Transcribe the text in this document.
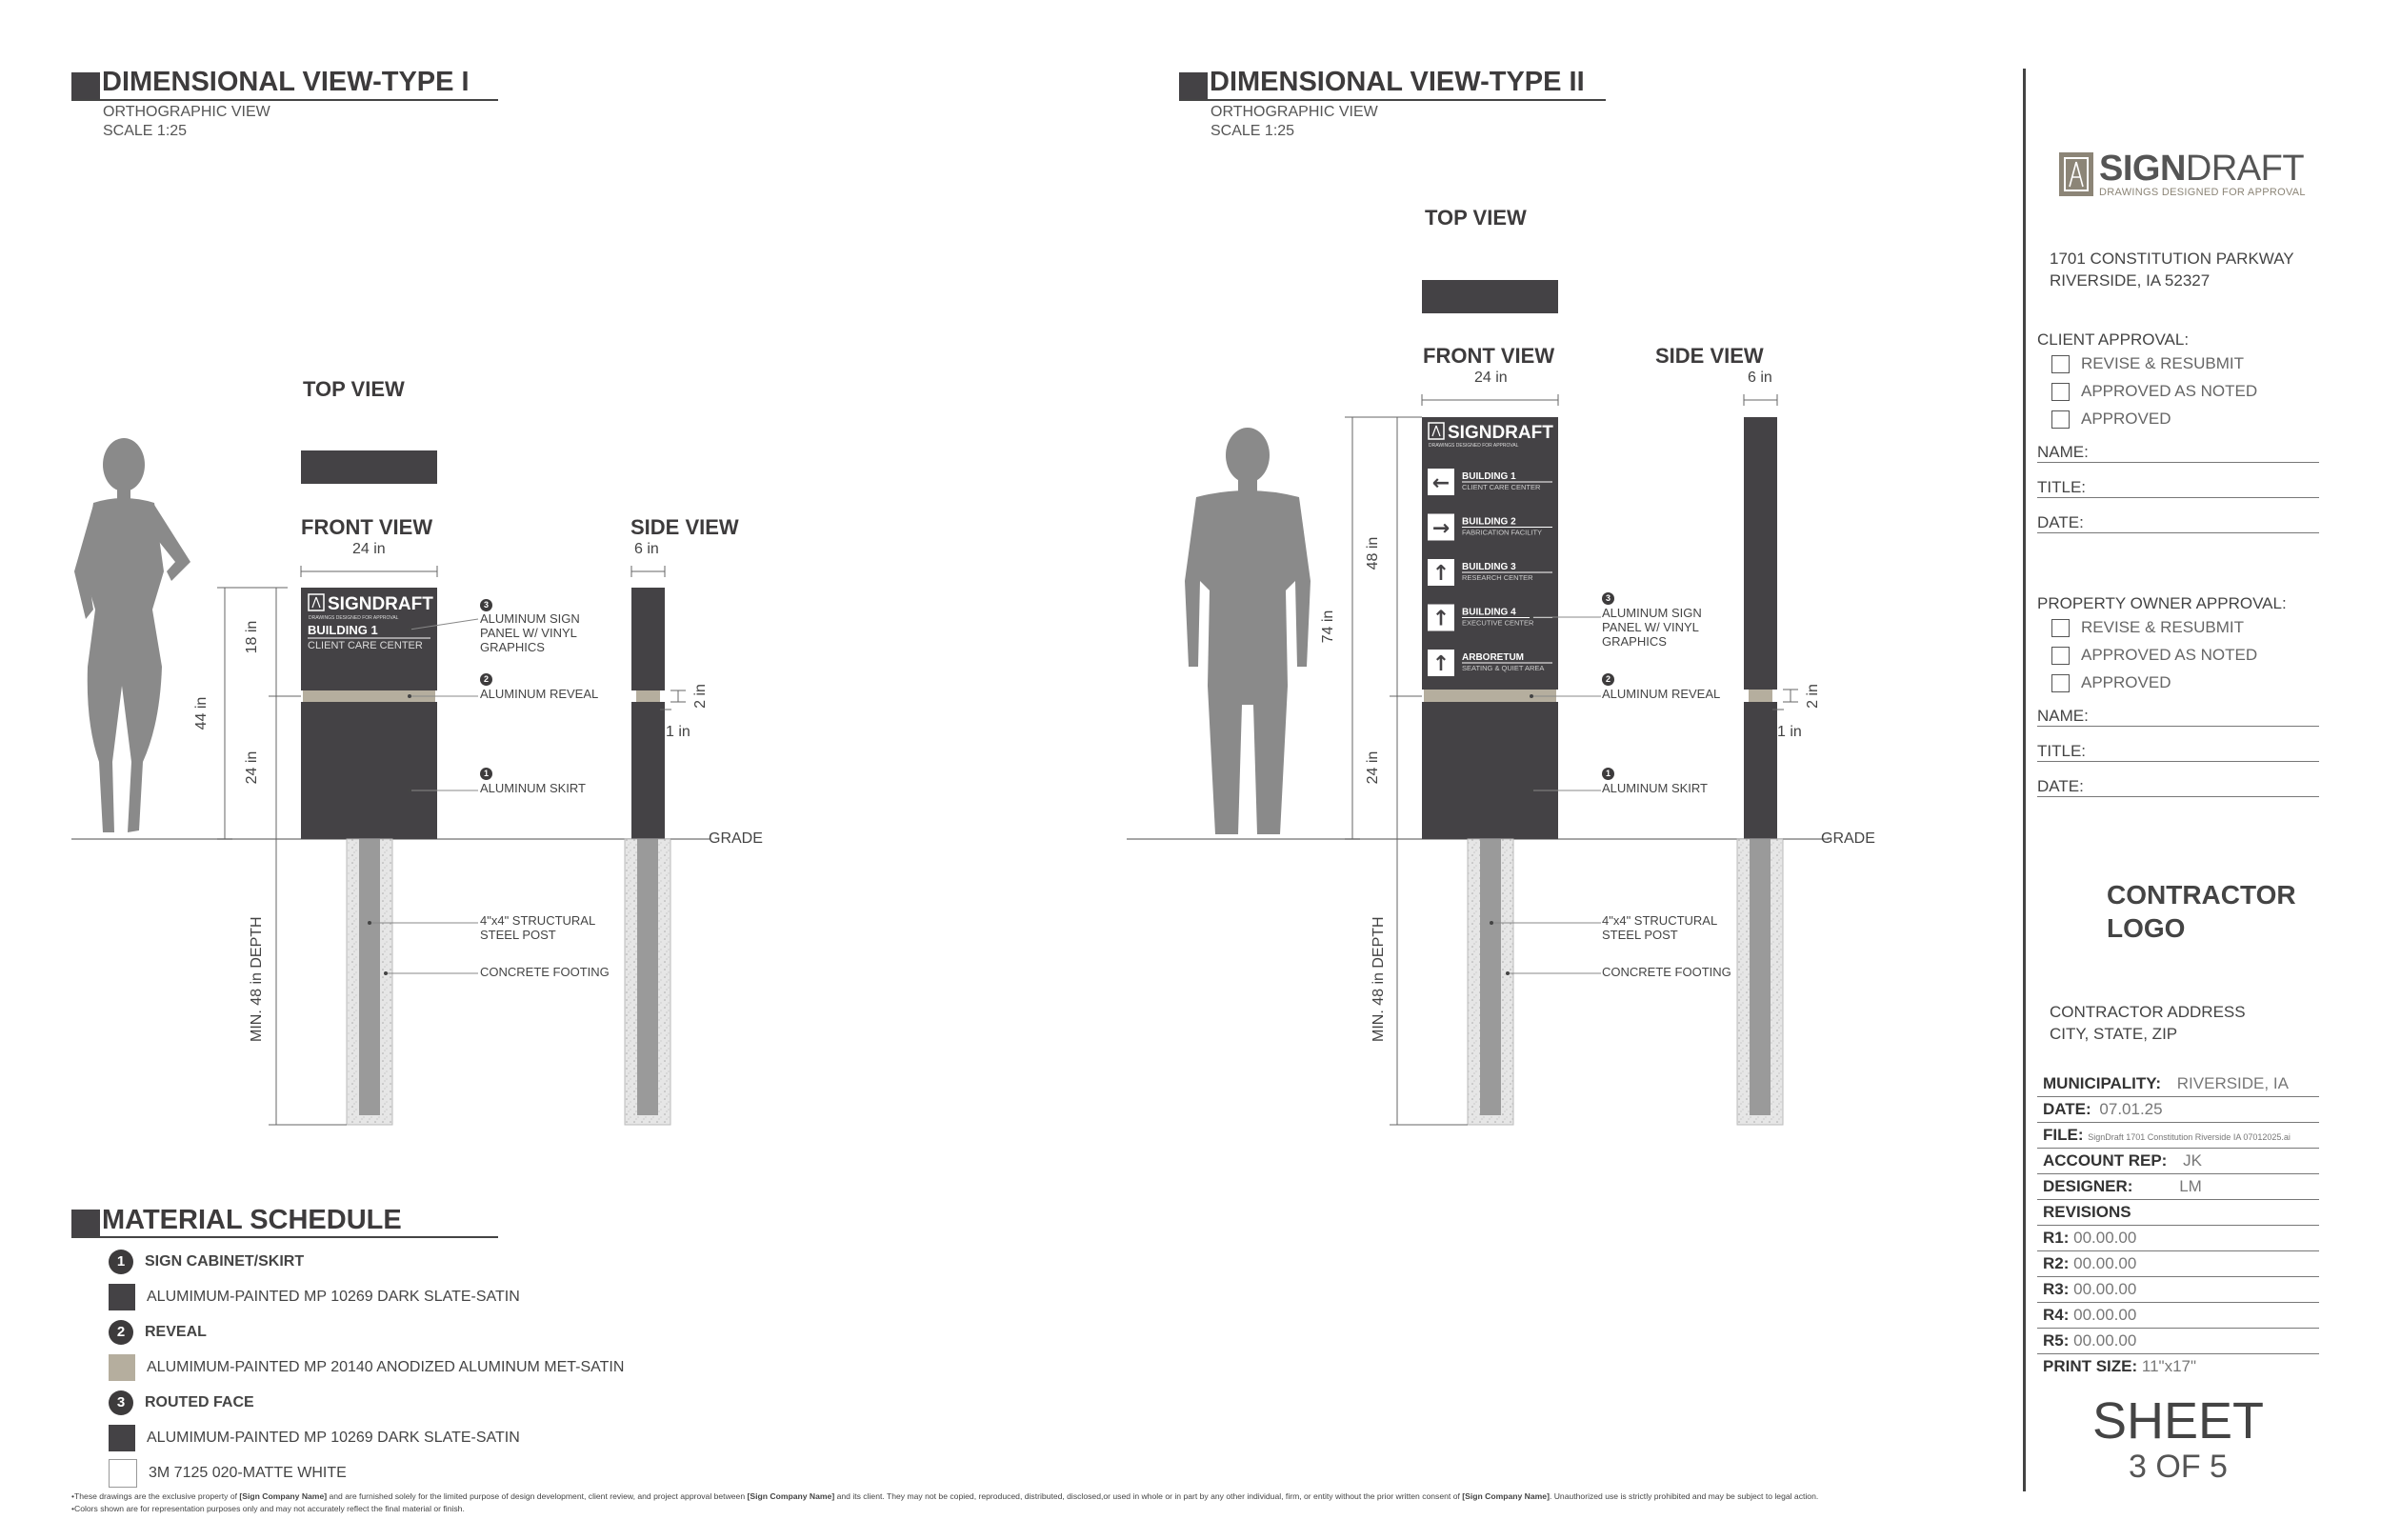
DIMENSIONAL VIEW-TYPE I
ORTHOGRAPHIC VIEW
SCALE 1:25
DIMENSIONAL VIEW-TYPE II
ORTHOGRAPHIC VIEW
SCALE 1:25
SIGNDRAFT
DRAWINGS DESIGNED FOR APPROVAL
BUILDING 1
CLIENT CARE CENTER
SIGNDRAFT
DRAWINGS DESIGNED FOR APPROVAL
← BUILDING 1
CLIENT CARE CENTER
→ BUILDING 2
FABRICATION FACILITY
↑ BUILDING 3
RESEARCH CENTER
↑ BUILDING 4
EXECUTIVE CENTER
↑ ARBORETUM
SEATING & QUIET AREA
TOP VIEW
FRONT VIEW	SIDE VIEW
24 in	6 in
18 in
44 in
24 in
MIN. 48 in DEPTH
2 in
1 in
3
ALUMINUM SIGN PANEL W/ VINYL GRAPHICS
2
ALUMINUM REVEAL
1
ALUMINUM SKIRT
4"x4" STRUCTURAL STEEL POST
CONCRETE FOOTING
GRADE
TOP VIEW
FRONT VIEW	SIDE VIEW
24 in	6 in
48 in
74 in
24 in
MIN. 48 in DEPTH
2 in
1 in
3
ALUMINUM SIGN PANEL W/ VINYL GRAPHICS
2
ALUMINUM REVEAL
1
ALUMINUM SKIRT
4"x4" STRUCTURAL STEEL POST
CONCRETE FOOTING
GRADE
MATERIAL SCHEDULE
1	SIGN CABINET/SKIRT
ALUMIMUM-PAINTED MP 10269 DARK SLATE-SATIN
2	REVEAL
ALUMIMUM-PAINTED MP 20140 ANODIZED ALUMINUM MET-SATIN
3	ROUTED FACE
ALUMIMUM-PAINTED MP 10269 DARK SLATE-SATIN
3M 7125 020-MATTE WHITE
•These drawings are the exclusive property of [Sign Company Name] and are furnished solely for the limited purpose of design development, client review, and project approval between [Sign Company Name] and its client. They may not be copied, reproduced, distributed, disclosed,or used in whole or in part by any other individual, firm, or entity without the prior written consent of [Sign Company Name]. Unauthorized use is strictly prohibited and may be subject to legal action.
•Colors shown are for representation purposes only and may not accurately reflect the final material or finish.
SIGNDRAFT
DRAWINGS DESIGNED FOR APPROVAL
1701 CONSTITUTION PARKWAY
RIVERSIDE, IA 52327
CLIENT APPROVAL:
REVISE & RESUBMIT
APPROVED AS NOTED
APPROVED
NAME:
TITLE:
DATE:
PROPERTY OWNER APPROVAL:
REVISE & RESUBMIT
APPROVED AS NOTED
APPROVED
NAME:
TITLE:
DATE:
CONTRACTOR
LOGO
CONTRACTOR ADDRESS
CITY, STATE, ZIP
MUNICIPALITY: RIVERSIDE, IA
DATE: 07.01.25
FILE: SignDraft 1701 Constitution Riverside IA 07012025.ai
ACCOUNT REP: JK
DESIGNER:	LM
REVISIONS
R1: 00.00.00
R2: 00.00.00
R3: 00.00.00
R4: 00.00.00
R5: 00.00.00
PRINT SIZE: 11"x17"
SHEET
3 OF 5
